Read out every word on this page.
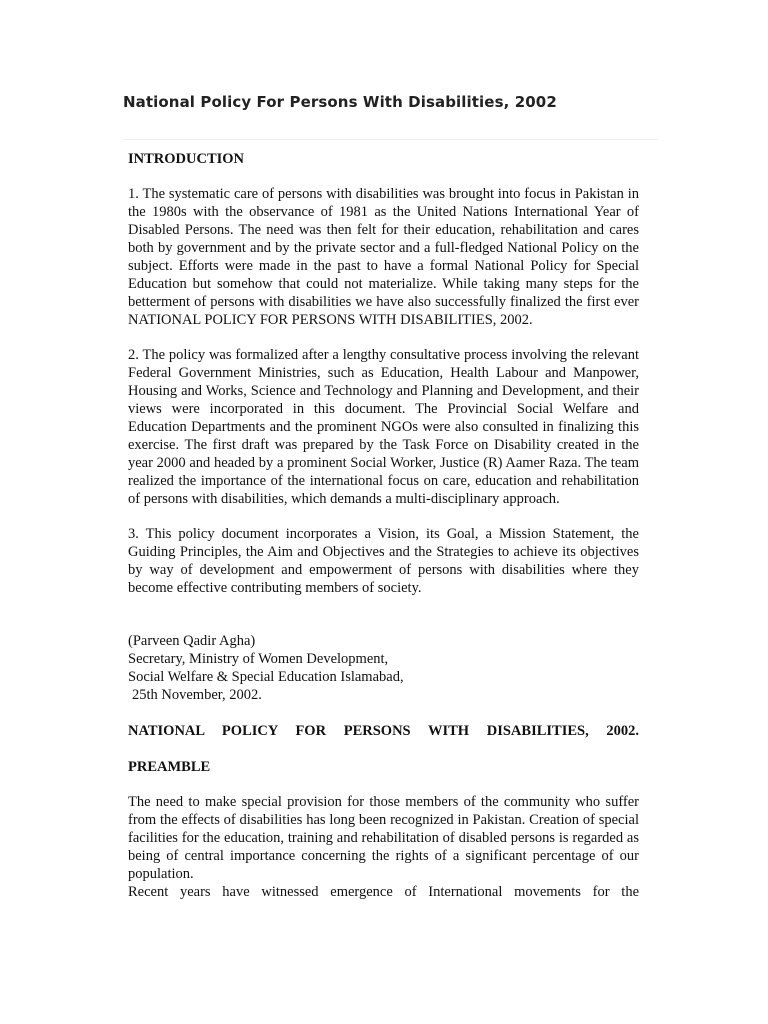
National Policy For Persons With Disabilities, 2002

INTRODUCTION

1. The systematic care of persons with disabilities was brought into focus in Pakistan in the 1980s with the observance of 1981 as the United Nations International Year of Disabled Persons. The need was then felt for their education, rehabilitation and cares both by government and by the private sector and a full-fledged National Policy on the subject. Efforts were made in the past to have a formal National Policy for Special Education but somehow that could not materialize. While taking many steps for the betterment of persons with disabilities we have also successfully finalized the first ever NATIONAL POLICY FOR PERSONS WITH DISABILITIES, 2002.

2. The policy was formalized after a lengthy consultative process involving the relevant Federal Government Ministries, such as Education, Health Labour and Manpower, Housing and Works, Science and Technology and Planning and Development, and their views were incorporated in this document. The Provincial Social Welfare and Education Departments and the prominent NGOs were also consulted in finalizing this exercise. The first draft was prepared by the Task Force on Disability created in the year 2000 and headed by a prominent Social Worker, Justice (R) Aamer Raza. The team realized the importance of the international focus on care, education and rehabilitation of persons with disabilities, which demands a multi-disciplinary approach.

3. This policy document incorporates a Vision, its Goal, a Mission Statement, the Guiding Principles, the Aim and Objectives and the Strategies to achieve its objectives by way of development and empowerment of persons with disabilities where they become effective contributing members of society.

(Parveen Qadir Agha)
Secretary, Ministry of Women Development,
Social Welfare & Special Education Islamabad,
25th November, 2002.

NATIONAL POLICY FOR PERSONS WITH DISABILITIES, 2002.

PREAMBLE

The need to make special provision for those members of the community who suffer from the effects of disabilities has long been recognized in Pakistan. Creation of special facilities for the education, training and rehabilitation of disabled persons is regarded as being of central importance concerning the rights of a significant percentage of our population.

Recent years have witnessed emergence of International movements for the
